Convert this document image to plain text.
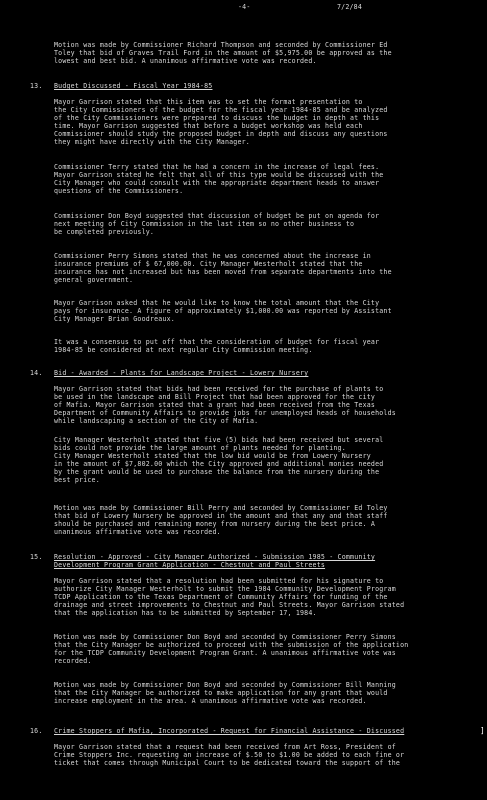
-4-	7/2/84

Motion was made by Commissioner Richard Thompson and seconded by Commissioner Ed
Toley that bid of Graves Trail Ford in the amount of $5,975.00 be approved as the
lowest and best bid. A unanimous affirmative vote was recorded.

13. Budget Discussed - Fiscal Year 1984-85

Mayor Garrison stated that this item was to set the format presentation to
the City Commissioners of the budget for the fiscal year 1984-85 and be analyzed
of the City Commissioners were prepared to discuss the budget in depth at this
time. Mayor Garrison suggested that before a budget workshop was held each
Commissioner should study the proposed budget in depth and discuss any questions
they might have directly with the City Manager.

Commissioner Terry stated that he had a concern in the increase of legal fees.
Mayor Garrison stated he felt that all of this type would be discussed with the
City Manager who could consult with the appropriate department heads to answer
questions of the Commissioners.

Commissioner Don Boyd suggested that discussion of budget be put on agenda for
next meeting of City Commission in the last item so no other business to
be completed previously.

Commissioner Perry Simons stated that he was concerned about the increase in
insurance premiums of $ 67,000.00. City Manager Westerholt stated that the
insurance has not increased but has been moved from separate departments into the
general government.

Mayor Garrison asked that he would like to know the total amount that the City
pays for insurance. A figure of approximately $1,000.00 was reported by Assistant
City Manager Brian Goodreaux.

It was a consensus to put off that the consideration of budget for fiscal year
1984-85 be considered at next regular City Commission meeting.

14. Bid - Awarded - Plants for Landscape Project - Lowery Nursery

Mayor Garrison stated that bids had been received for the purchase of plants to
be used in the landscape and Bill Project that had been approved for the city
of Mafia. Mayor Garrison stated that a grant had been received from the Texas
Department of Community Affairs to provide jobs for unemployed heads of households
while landscaping a section of the City of Mafia.

City Manager Westerholt stated that five (5) bids had been received but several
bids could not provide the large amount of plants needed for planting.
City Manager Westerholt stated that the low bid would be from Lowery Nursery
in the amount of $7,802.00 which the City approved and additional monies needed
by the grant would be used to purchase the balance from the nursery during the
best price.

Motion was made by Commissioner Bill Perry and seconded by Commissioner Ed Toley
that bid of Lowery Nursery be approved in the amount and that any and that staff
should be purchased and remaining money from nursery during the best price. A
unanimous affirmative vote was recorded.

15. Resolution - Approved - City Manager Authorized - Submission 1985 - Community
Development Program Grant Application - Chestnut and Paul Streets

Mayor Garrison stated that a resolution had been submitted for his signature to
authorize City Manager Westerholt to submit the 1984 Community Development Program
TCDP Application to the Texas Department of Community Affairs for funding of the
drainage and street improvements to Chestnut and Paul Streets. Mayor Garrison stated
that the application has to be submitted by September 17, 1984.

Motion was made by Commissioner Don Boyd and seconded by Commissioner Perry Simons
that the City Manager be authorized to proceed with the submission of the application
for the TCDP Community Development Program Grant. A unanimous affirmative vote was
recorded.

Motion was made by Commissioner Don Boyd and seconded by Commissioner Bill Manning
that the City Manager be authorized to make application for any grant that would
increase employment in the area. A unanimous affirmative vote was recorded.

16. Crime Stoppers of Mafia, Incorporated - Request for Financial Assistance - Discussed

Mayor Garrison stated that a request had been received from Art Ross, President of
Crime Stoppers Inc. requesting an increase of $.50 to $1.00 be added to each fine or
ticket that comes through Municipal Court to be dedicated toward the support of the

]
